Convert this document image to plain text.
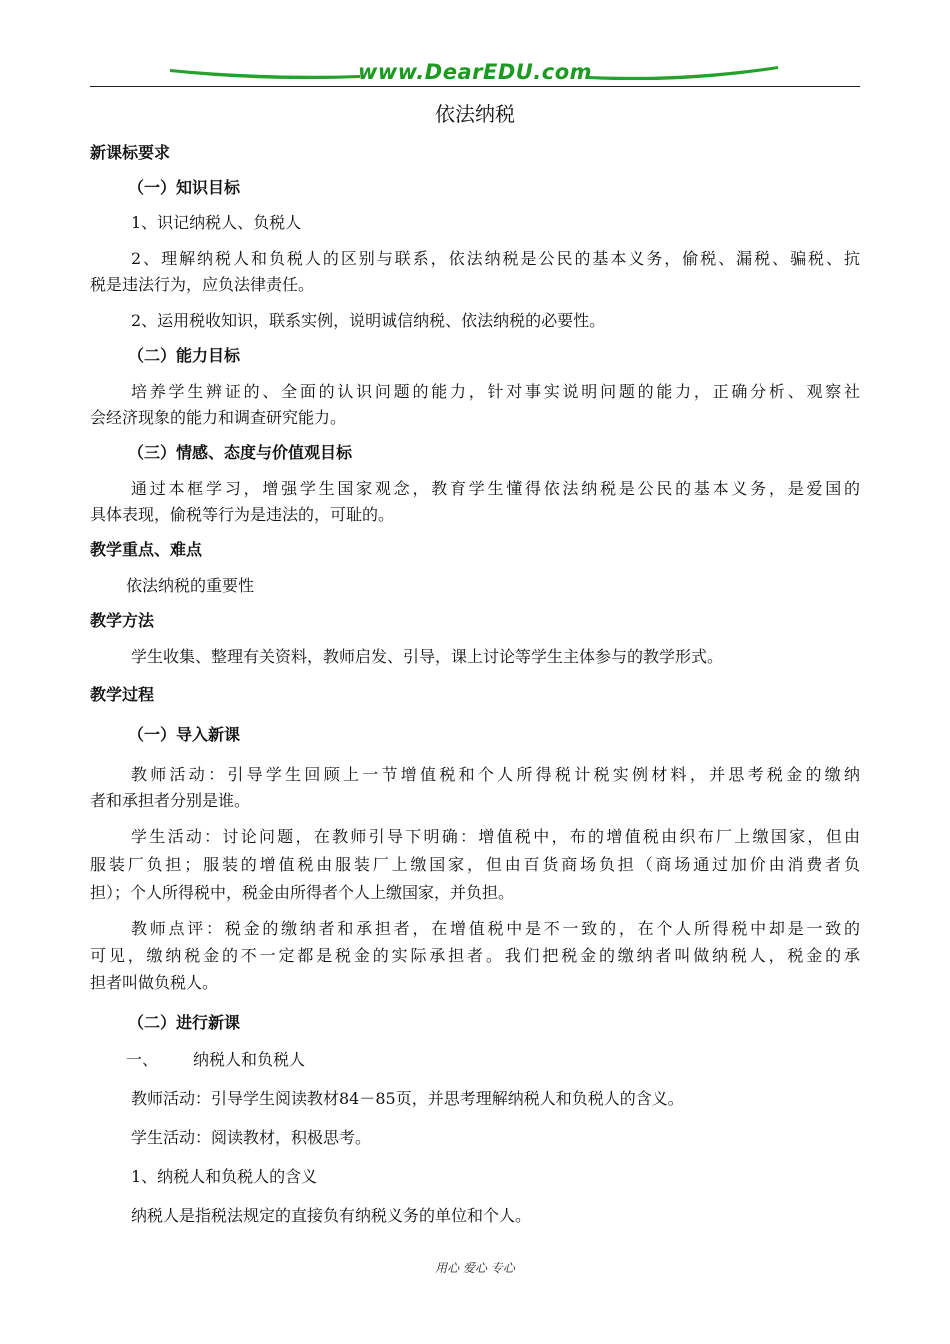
www.DearEDU.com
依法纳税
新课标要求
（一）知识目标
1、识记纳税人、负税人
2、理解纳税人和负税人的区别与联系，依法纳税是公民的基本义务，偷税、漏税、骗税、抗
税是违法行为，应负法律责任。
2、运用税收知识，联系实例，说明诚信纳税、依法纳税的必要性。
（二）能力目标
培养学生辨证的、全面的认识问题的能力，针对事实说明问题的能力，正确分析、观察社
会经济现象的能力和调查研究能力。
（三）情感、态度与价值观目标
通过本框学习，增强学生国家观念，教育学生懂得依法纳税是公民的基本义务，是爱国的
具体表现，偷税等行为是违法的，可耻的。
教学重点、难点
依法纳税的重要性
教学方法
学生收集、整理有关资料，教师启发、引导，课上讨论等学生主体参与的教学形式。
教学过程
（一）导入新课
教师活动：引导学生回顾上一节增值税和个人所得税计税实例材料，并思考税金的缴纳
者和承担者分别是谁。
学生活动：讨论问题，在教师引导下明确：增值税中，布的增值税由织布厂上缴国家，但由
服装厂负担；服装的增值税由服装厂上缴国家，但由百货商场负担（商场通过加价由消费者负
担）；个人所得税中，税金由所得者个人上缴国家，并负担。
教师点评：税金的缴纳者和承担者，在增值税中是不一致的，在个人所得税中却是一致的
可见，缴纳税金的不一定都是税金的实际承担者。我们把税金的缴纳者叫做纳税人，税金的承
担者叫做负税人。
（二）进行新课
一、 纳税人和负税人
教师活动：引导学生阅读教材84－85页，并思考理解纳税人和负税人的含义。
学生活动：阅读教材，积极思考。
1、纳税人和负税人的含义
纳税人是指税法规定的直接负有纳税义务的单位和个人。
用心 爱心 专心
